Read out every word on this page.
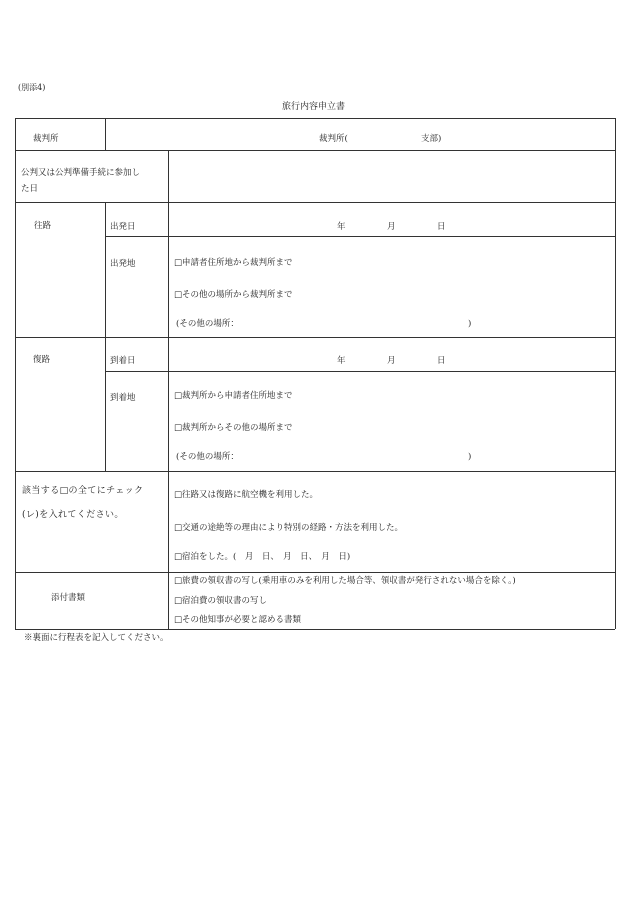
(別添4)
旅行内容申立書
裁判所	裁判所(	支部)
公判又は公判準備手続に参加し
た日
往路	出発日	年	月	日
出発地	□申請者住所地から裁判所まで
□その他の場所から裁判所まで
(その他の場所：	)
復路	到着日	年	月	日
到着地	□裁判所から申請者住所地まで
□裁判所からその他の場所まで
(その他の場所：	)
該当する□の全てにチェック
(レ)を入れてください。
□往路又は復路に航空機を利用した。
□交通の途絶等の理由により特別の経路・方法を利用した。
□宿泊をした。(　月　日、　月　日、　月　日)
添付書類
□旅費の領収書の写し(乗用車のみを利用した場合等、領収書が発行されない場合を除く。)
□宿泊費の領収書の写し
□その他知事が必要と認める書類
※裏面に行程表を記入してください。
